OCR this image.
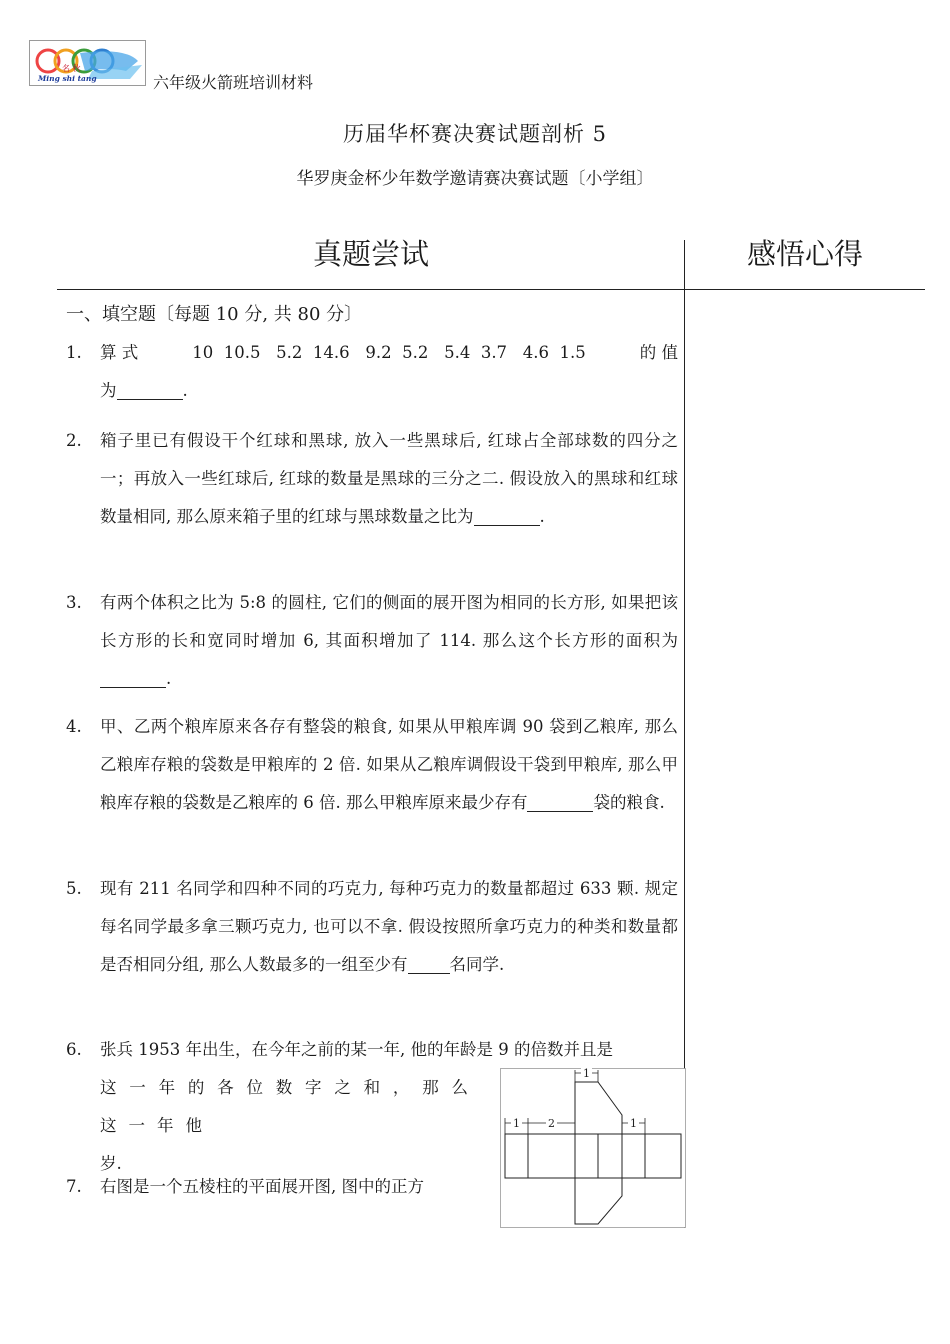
名 秋
Ming shi tang	六年级火箭班培训材料
历届华杯赛决赛试题剖析 5
华罗庚金杯少年数学邀请赛决赛试题〔小学组〕
真题尝试	感悟心得
一、填空题〔每题 10 分, 共 80 分〕
1. 算 式	10  10.5   5.2  14.6   9.2  5.2   5.4  3.7   4.6  1.5	的 值
为	.
2. 箱子里已有假设干个红球和黑球, 放入一些黑球后, 红球占全部球数的四分之一；再放入一些红球后, 红球的数量是黑球的三分之二. 假设放入的黑球和红球数量相同, 那么原来箱子里的红球与黑球数量之比为	.
3. 有两个体积之比为 5:8 的圆柱, 它们的侧面的展开图为相同的长方形, 如果把该长方形的长和宽同时增加 6, 其面积增加了 114. 那么这个长方形的面积为.
4. 甲、乙两个粮库原来各存有整袋的粮食, 如果从甲粮库调 90 袋到乙粮库, 那么乙粮库存粮的袋数是甲粮库的 2 倍. 如果从乙粮库调假设干袋到甲粮库, 那么甲粮库存粮的袋数是乙粮库的 6 倍. 那么甲粮库原来最少存有	袋的粮食.
5. 现有 211 名同学和四种不同的巧克力, 每种巧克力的数量都超过 633 颗. 规定每名同学最多拿三颗巧克力, 也可以不拿. 假设按照所拿巧克力的种类和数量都是否相同分组, 那么人数最多的一组至少有	名同学.
6. 张兵 1953 年出生，在今年之前的某一年, 他的年龄是 9 的倍数并且是
这一年的各位数字之和，那么这一年他
岁.
7. 右图是一个五棱柱的平面展开图, 图中的正方
1
1	2	1
